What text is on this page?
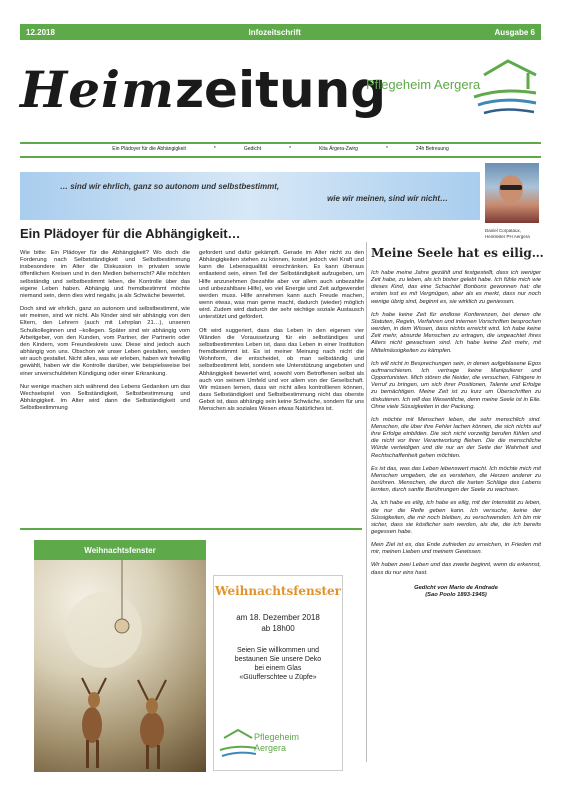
12.2018	Infozeitschrift	Ausgabe 6
Heimzeitung
Pflegeheim Aergera
Ein Plädoyer für die Abhängigkeit	*	Gedicht	*	Kita Ärgera-Zwirg	*	24h Betreuung
… sind wir ehrlich, ganz so autonom und selbstbestimmt,
wie wir meinen, sind wir nicht…
Daniel Corpataux,
Heimleiter PH Aergera
Ein Plädoyer für die Abhängigkeit…

Wie bitte: Ein Plädoyer für die Abhängigkeit? Wo doch die Forderung nach Selbstständigkeit und Selbstbestimmung insbesondere im Alter die Diskussion in privaten sowie öffentlichen Kreisen und in den Medien beherrscht? Alle möchten selbständig und selbstbestimmt leben, die Kontrolle über das eigene Leben haben. Abhängig und fremdbestimmt möchte niemand sein, denn dies wird negativ, ja als Schwäche bewertet.

Doch sind wir ehrlich, ganz so autonom und selbstbestimmt, wie wir meinen, sind wir nicht. Als Kinder sind wir abhängig von den Eltern, den Lehrern (auch mit Lehrplan 21…), unseren Schulkolleginnen und –kollegen. Später sind wir abhängig vom Arbeitgeber, von den Kunden, vom Partner, der Partnerin oder den Kindern, vom Freundeskreis usw. Diese sind jedoch auch abhängig von uns. Obschon wir unser Leben gestalten, werden wir auch gestaltet. Nicht alles, was wir erleben, haben wir freiwillig gewählt, haben wir die Kontrolle darüber, wie beispielsweise bei einer unverschuldeten Kündigung oder einer Erkrankung.

Nur wenige machen sich während des Lebens Gedanken um das Wechselspiel von Selbständigkeit, Selbstbestimmung und Abhängigkeit. Im Alter wird dann die Selbständigkeit und Selbstbestimmung

gefordert und dafür gekämpft. Gerade im Alter nicht zu den Abhängigkeiten stehen zu können, kostet jedoch viel Kraft und kann die Lebensqualität einschränken. Es kann überaus entlastend sein, einen Teil der Selbständigkeit aufzugeben, um Hilfe anzunehmen (bezahlte aber vor allem auch unbezahlte und unbezahlbare Hilfe), wo viel Energie und Zeit aufgewendet werden muss. Hilfe annehmen kann auch Freude machen, wenn etwas, was man gerne macht, dadurch (wieder) möglich wird. Zudem wird dadurch der sehr wichtige soziale Austausch unterstützt und gefördert.

Oft wird suggeriert, dass das Leben in den eigenen vier Wänden die Voraussetzung für ein selbständiges und selbstbestimmtes Leben ist, dass das Leben in einer Institution fremdbestimmt ist. Es ist meiner Meinung nach nicht die Wohnform, die entscheidet, ob man selbständig und selbstbestimmt lebt, sondern wie Unterstützung angeboten und Abhängigkeit bewertet wird, sowohl vom Betroffenen selbst als auch von seinem Umfeld und vor allem von der Gesellschaft. Wir müssen lernen, dass wir nicht alles kontrollieren können, dass Selbständigkeit und Selbstbestimmung nicht das oberste Gebot ist, dass abhängig sein keine Schwäche, sondern für uns Menschen als soziales Wesen etwas Natürliches ist.

Meine Seele hat es eilig…

Ich habe meine Jahre gezählt und festgestellt, dass ich weniger Zeit habe, zu leben, als ich bisher gelebt habe. Ich fühle mich wie dieses Kind, das eine Schachtel Bonbons gewonnen hat: die ersten isst es mit Vergnügen, aber als es merkt, dass nur noch wenige übrig sind, beginnt es, sie wirklich zu geniessen.

Ich habe keine Zeit für endlose Konferenzen, bei denen die Statuten, Regeln, Verfahren und internen Vorschriften besprochen werden, in dem Wissen, dass nichts erreicht wird. Ich habe keine Zeit mehr, absurde Menschen zu ertragen, die ungeachtet ihres Alters nicht gewachsen sind. Ich habe keine Zeit mehr, mit Mittelmässigkeiten zu kämpfen.

Ich will nicht in Besprechungen sein, in denen aufgeblasene Egos aufmarschieren. Ich vertrage keine Manipulierer und Opportunisten. Mich stören die Neider, die versuchen, Fähigere in Verruf zu bringen, um sich ihrer Positionen, Talente und Erfolge zu bemächtigen. Meine Zeit ist zu kurz um Überschriften zu diskutieren. Ich will das Wesentliche, denn meine Seele ist in Eile. Ohne viele Süssigkeiten in der Packung.

Ich möchte mit Menschen leben, die sehr menschlich sind. Menschen, die über ihre Fehler lachen können, die sich nichts auf ihre Erfolge einbilden. Die sich nicht vorzeitig berufen fühlen und die nicht vor ihrer Verantwortung fliehen. Die die menschliche Würde verteidigen und die nur an der Seite der Wahrheit und Rechtschaffenheit gehen möchten.

Es ist das, was das Leben lebenswert macht. Ich möchte mich mit Menschen umgeben, die es verstehen, die Herzen anderer zu berühren. Menschen, die durch die harten Schläge des Lebens lernten, durch sanfte Berührungen der Seele zu wachsen.

Ja, ich habe es eilig, ich habe es eilig, mit der Intensität zu leben, die nur die Reife geben kann. Ich versuche, keine der Süssigkeiten, die mir noch bleiben, zu verschwenden. Ich bin mir sicher, dass sie köstlicher sein werden, als die, die ich bereits gegessen habe.

Mein Ziel ist es, das Ende zufrieden zu erreichen, in Frieden mit mir, meinen Lieben und meinem Gewissen.

Wir haben zwei Leben und das zweite beginnt, wenn du erkennst, dass du nur eins hast.

Gedicht von Mario de Andrade
(Sao Poolo 1893-1945)
Weihnachtsfenster
Weihnachtsfenster
am 18. Dezember 2018
ab 18h00
Seien Sie willkommen und
bestaunen Sie unsere Deko
bei einem Glas
«Güufferschtee u Züpfe»
Pflegeheim
Aergera
